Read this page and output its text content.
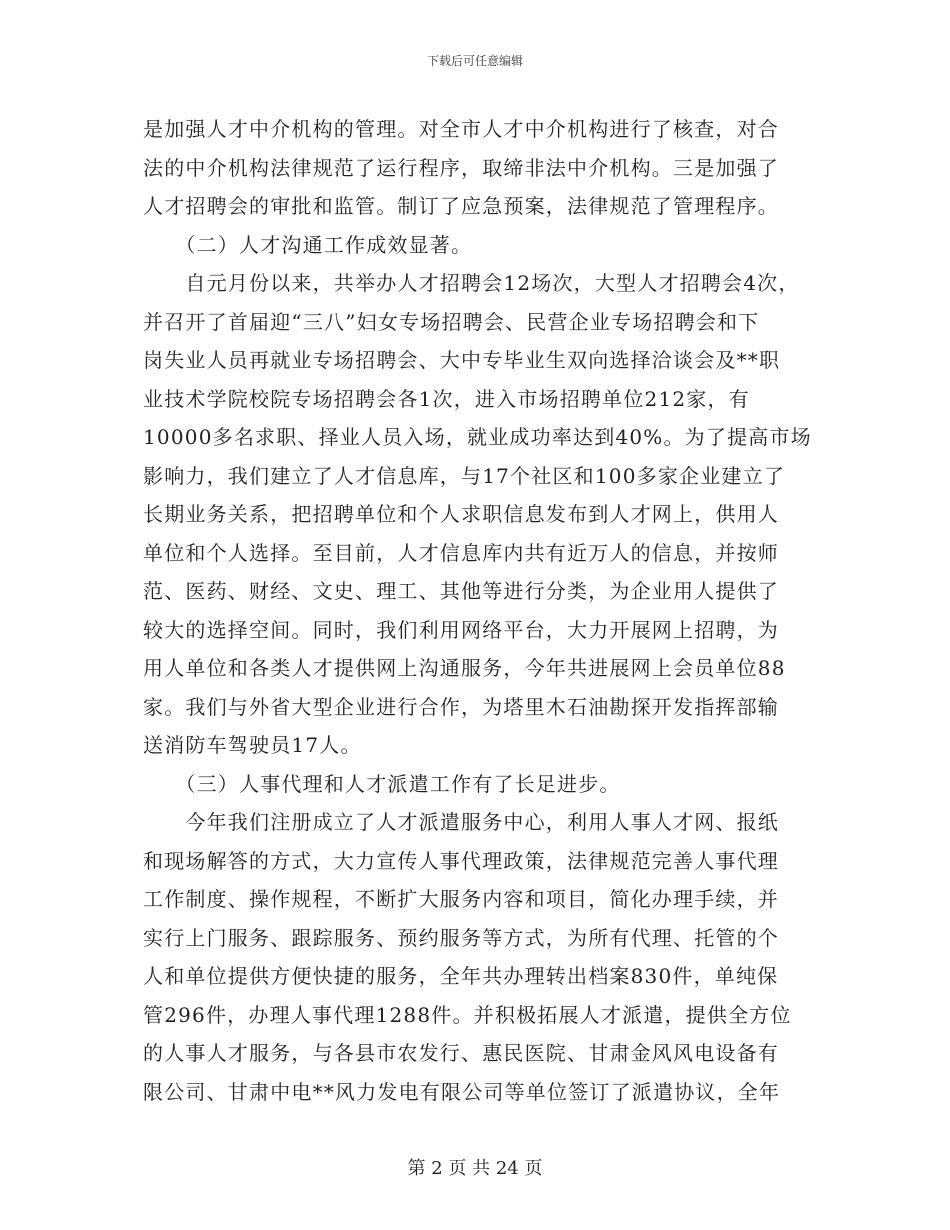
下载后可任意编辑
是加强人才中介机构的管理。对全市人才中介机构进行了核查，对合
法的中介机构法律规范了运行程序，取缔非法中介机构。三是加强了
人才招聘会的审批和监管。制订了应急预案，法律规范了管理程序。
　　（二）人才沟通工作成效显著。
　　自元月份以来，共举办人才招聘会12场次，大型人才招聘会4次，
并召开了首届迎“三八”妇女专场招聘会、民营企业专场招聘会和下
岗失业人员再就业专场招聘会、大中专毕业生双向选择洽谈会及**职
业技术学院校院专场招聘会各1次，进入市场招聘单位212家，有
10000多名求职、择业人员入场，就业成功率达到40%。为了提高市场
影响力，我们建立了人才信息库，与17个社区和100多家企业建立了
长期业务关系，把招聘单位和个人求职信息发布到人才网上，供用人
单位和个人选择。至目前，人才信息库内共有近万人的信息，并按师
范、医药、财经、文史、理工、其他等进行分类，为企业用人提供了
较大的选择空间。同时，我们利用网络平台，大力开展网上招聘，为
用人单位和各类人才提供网上沟通服务，今年共进展网上会员单位88
家。我们与外省大型企业进行合作，为塔里木石油勘探开发指挥部输
送消防车驾驶员17人。
　　（三）人事代理和人才派遣工作有了长足进步。
　　今年我们注册成立了人才派遣服务中心，利用人事人才网、报纸
和现场解答的方式，大力宣传人事代理政策，法律规范完善人事代理
工作制度、操作规程，不断扩大服务内容和项目，简化办理手续，并
实行上门服务、跟踪服务、预约服务等方式，为所有代理、托管的个
人和单位提供方便快捷的服务，全年共办理转出档案830件，单纯保
管296件，办理人事代理1288件。并积极拓展人才派遣，提供全方位
的人事人才服务，与各县市农发行、惠民医院、甘肃金风风电设备有
限公司、甘肃中电**风力发电有限公司等单位签订了派遣协议，全年
第 2 页 共 24 页
